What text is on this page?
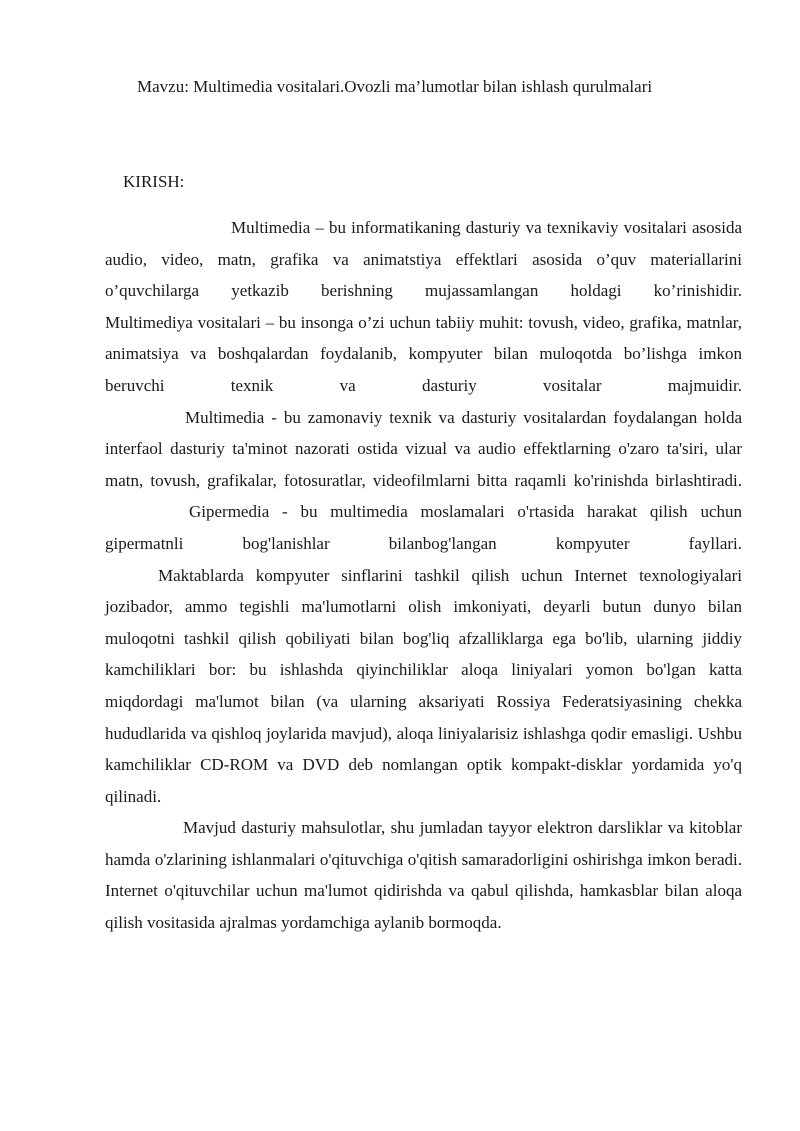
Mavzu: Multimedia vositalari.Ovozli ma’lumotlar bilan ishlash qurulmalari
KIRISH:

Multimedia – bu informatikaning dasturiy va texnikaviy vositalari asosida audio, video, matn, grafika va animatstiya effektlari asosida o’quv materiallarini o’quvchilarga yetkazib berishning mujassamlangan holdagi ko’rinishidir.

Multimediya vositalari – bu insonga o’zi uchun tabiiy muhit: tovush, video, grafika, matnlar, animatsiya va boshqalardan foydalanib, kompyuter bilan muloqotda bo’lishga imkon beruvchi texnik va dasturiy vositalar majmuidir.

Multimedia - bu zamonaviy texnik va dasturiy vositalardan foydalangan holda interfaol dasturiy ta'minot nazorati ostida vizual va audio effektlarning o'zaro ta'siri, ular matn, tovush, grafikalar, fotosuratlar, videofilmlarni bitta raqamli ko'rinishda birlashtiradi.

Gipermedia - bu multimedia moslamalari o'rtasida harakat qilish uchun gipermatnli bog'lanishlar bilanbog'langan kompyuter fayllari.

Maktablarda kompyuter sinflarini tashkil qilish uchun Internet texnologiyalari jozibador, ammo tegishli ma'lumotlarni olish imkoniyati, deyarli butun dunyo bilan muloqotni tashkil qilish qobiliyati bilan bog'liq afzalliklarga ega bo'lib, ularning jiddiy kamchiliklari bor: bu ishlashda qiyinchiliklar aloqa liniyalari yomon bo'lgan katta miqdordagi ma'lumot bilan (va ularning aksariyati Rossiya Federatsiyasining chekka hududlarida va qishloq joylarida mavjud), aloqa liniyalarisiz ishlashga qodir emasligi. Ushbu kamchiliklar CD-ROM va DVD deb nomlangan optik kompakt-disklar yordamida yo'q qilinadi.

Mavjud dasturiy mahsulotlar, shu jumladan tayyor elektron darsliklar va kitoblar hamda o'zlarining ishlanmalari o'qituvchiga o'qitish samaradorligini oshirishga imkon beradi. Internet o'qituvchilar uchun ma'lumot qidirishda va qabul qilishda, hamkasblar bilan aloqa qilish vositasida ajralmas yordamchiga aylanib bormoqda.
